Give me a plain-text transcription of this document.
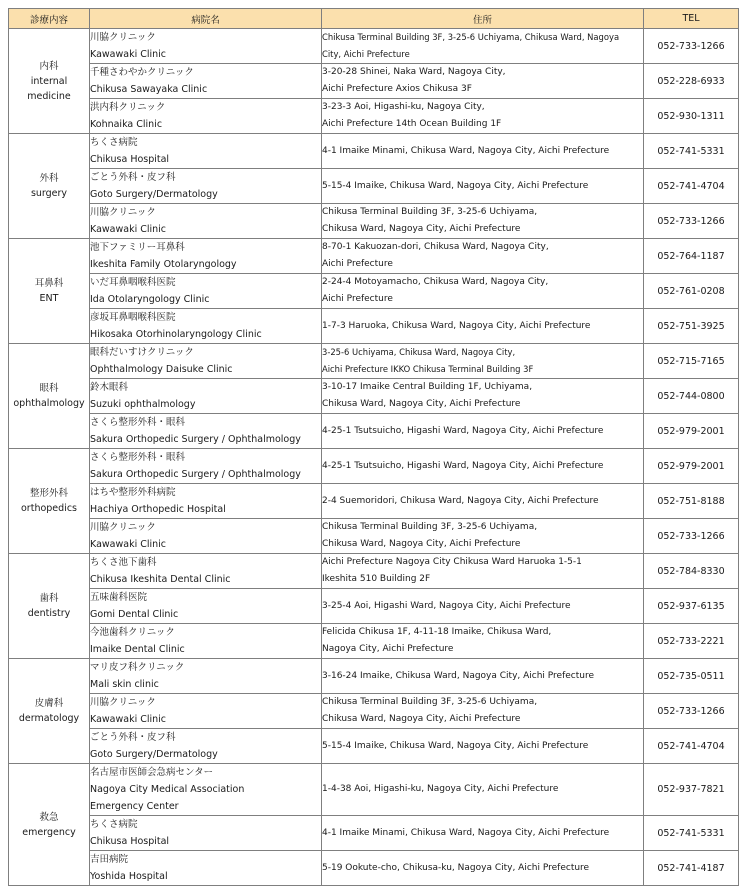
診療内容	病院名	住所	TEL

内科
internal
medicine	川脇クリニック
Kawawaki Clinic	Chikusa Terminal Building 3F, 3-25-6 Uchiyama, Chikusa Ward, Nagoya
City, Aichi Prefecture	052-733-1266

	千種さわやかクリニック
Chikusa Sawayaka Clinic	3-20-28 Shinei, Naka Ward, Nagoya City,
Aichi Prefecture Axios Chikusa 3F	052-228-6933

	洪内科クリニック
Kohnaika Clinic	3-23-3 Aoi, Higashi-ku, Nagoya City,
Aichi Prefecture 14th Ocean Building 1F	052-930-1311

外科
surgery	ちくさ病院
Chikusa Hospital	4-1 Imaike Minami, Chikusa Ward, Nagoya City, Aichi Prefecture	052-741-5331

	ごとう外科・皮フ科
Goto Surgery/Dermatology	5-15-4 Imaike, Chikusa Ward, Nagoya City, Aichi Prefecture	052-741-4704

	川脇クリニック
Kawawaki Clinic	Chikusa Terminal Building 3F, 3-25-6 Uchiyama,
Chikusa Ward, Nagoya City, Aichi Prefecture	052-733-1266

耳鼻科
ENT	池下ファミリー耳鼻科
Ikeshita Family Otolaryngology	8-70-1 Kakuozan-dori, Chikusa Ward, Nagoya City,
Aichi Prefecture	052-764-1187

	いだ耳鼻咽喉科医院
Ida Otolaryngology Clinic	2-24-4 Motoyamacho, Chikusa Ward, Nagoya City,
Aichi Prefecture	052-761-0208

	彦坂耳鼻咽喉科医院
Hikosaka Otorhinolaryngology Clinic	1-7-3 Haruoka, Chikusa Ward, Nagoya City, Aichi Prefecture	052-751-3925

眼科
ophthalmology	眼科だいすけクリニック
Ophthalmology Daisuke Clinic	3-25-6 Uchiyama, Chikusa Ward, Nagoya City,
Aichi Prefecture IKKO Chikusa Terminal Building 3F	052-715-7165

	鈴木眼科
Suzuki ophthalmology	3-10-17 Imaike Central Building 1F, Uchiyama,
Chikusa Ward, Nagoya City, Aichi Prefecture	052-744-0800

	さくら整形外科・眼科
Sakura Orthopedic Surgery / Ophthalmology	4-25-1 Tsutsuicho, Higashi Ward, Nagoya City, Aichi Prefecture	052-979-2001

整形外科
orthopedics	さくら整形外科・眼科
Sakura Orthopedic Surgery / Ophthalmology	4-25-1 Tsutsuicho, Higashi Ward, Nagoya City, Aichi Prefecture	052-979-2001

	はちや整形外科病院
Hachiya Orthopedic Hospital	2-4 Suemoridori, Chikusa Ward, Nagoya City, Aichi Prefecture	052-751-8188

	川脇クリニック
Kawawaki Clinic	Chikusa Terminal Building 3F, 3-25-6 Uchiyama,
Chikusa Ward, Nagoya City, Aichi Prefecture	052-733-1266

歯科
dentistry	ちくさ池下歯科
Chikusa Ikeshita Dental Clinic	Aichi Prefecture Nagoya City Chikusa Ward Haruoka 1-5-1
Ikeshita 510 Building 2F	052-784-8330

	五味歯科医院
Gomi Dental Clinic	3-25-4 Aoi, Higashi Ward, Nagoya City, Aichi Prefecture	052-937-6135

	今池歯科クリニック
Imaike Dental Clinic	Felicida Chikusa 1F, 4-11-18 Imaike, Chikusa Ward,
Nagoya City, Aichi Prefecture	052-733-2221

皮膚科
dermatology	マリ皮フ科クリニック
Mali skin clinic	3-16-24 Imaike, Chikusa Ward, Nagoya City, Aichi Prefecture	052-735-0511

	川脇クリニック
Kawawaki Clinic	Chikusa Terminal Building 3F, 3-25-6 Uchiyama,
Chikusa Ward, Nagoya City, Aichi Prefecture	052-733-1266

	ごとう外科・皮フ科
Goto Surgery/Dermatology	5-15-4 Imaike, Chikusa Ward, Nagoya City, Aichi Prefecture	052-741-4704

救急
emergency	名古屋市医師会急病センター
Nagoya City Medical Association
Emergency Center	1-4-38 Aoi, Higashi-ku, Nagoya City, Aichi Prefecture	052-937-7821

	ちくさ病院
Chikusa Hospital	4-1 Imaike Minami, Chikusa Ward, Nagoya City, Aichi Prefecture	052-741-5331

	吉田病院
Yoshida Hospital	5-19 Ookute-cho, Chikusa-ku, Nagoya City, Aichi Prefecture	052-741-4187
